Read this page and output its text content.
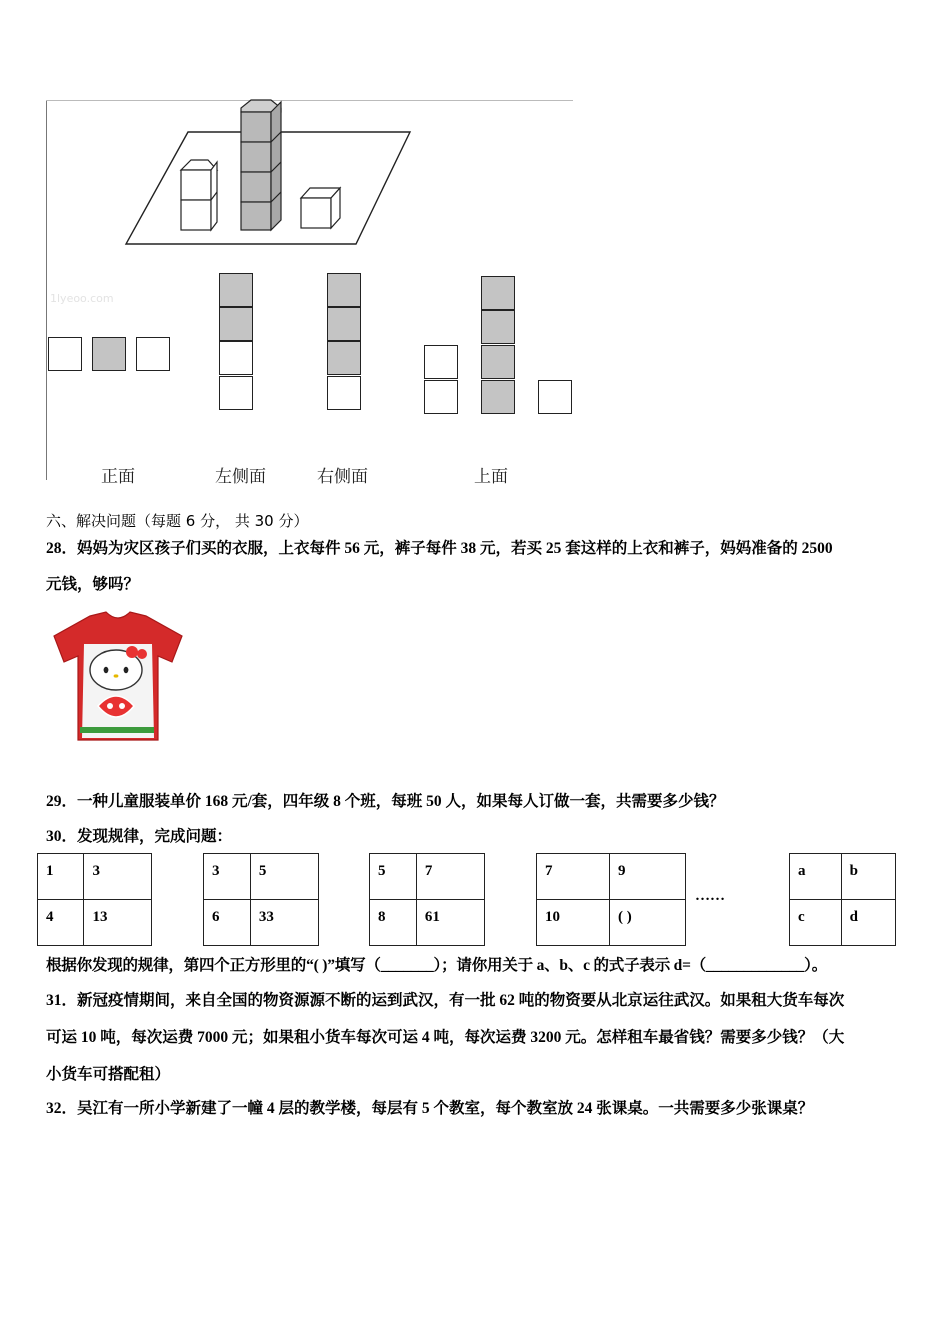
1lyeoo.com
正面	左侧面	右侧面	上面
六、解决问题（每题 6 分， 共 30 分）
28．妈妈为灾区孩子们买的衣服，上衣每件 56 元，裤子每件 38 元，若买 25 套这样的上衣和裤子，妈妈准备的 2500
元钱，够吗？
29．一种儿童服装单价 168 元/套，四年级 8 个班，每班 50 人，如果每人订做一套，共需要多少钱？
30．发现规律，完成问题：
1	3
4	13
3	5
6	33
5	7
8	61
7	9
10	( )
……
a	b
c	d
根据你发现的规律，第四个正方形里的“( )”填写（_______）；请你用关于 a、b、c 的式子表示 d=（_____________）。
31．新冠疫情期间，来自全国的物资源源不断的运到武汉，有一批 62 吨的物资要从北京运往武汉。如果租大货车每次
可运 10 吨，每次运费 7000 元；如果租小货车每次可运 4 吨，每次运费 3200 元。怎样租车最省钱？需要多少钱？（大
小货车可搭配租）
32．吴江有一所小学新建了一幢 4 层的教学楼，每层有 5 个教室，每个教室放 24 张课桌。一共需要多少张课桌？
